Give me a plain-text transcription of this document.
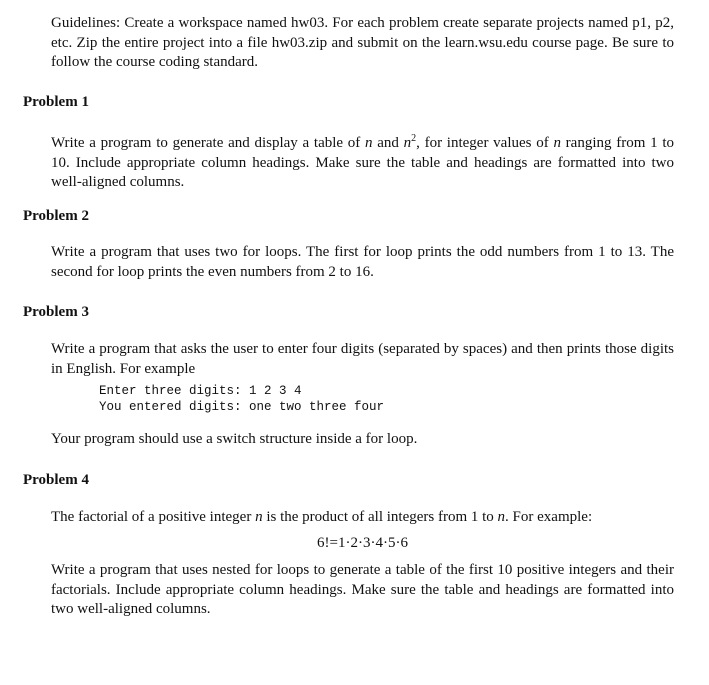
Guidelines: Create a workspace named hw03. For each problem create separate projects named p1, p2, etc. Zip the entire project into a file hw03.zip and submit on the learn.wsu.edu course page. Be sure to follow the course coding standard.
Problem 1
Write a program to generate and display a table of n and $n^2$, for integer values of n ranging from 1 to 10. Include appropriate column headings. Make sure the table and headings are formatted into two well-aligned columns.
Problem 2
Write a program that uses two for loops. The first for loop prints the odd numbers from 1 to 13. The second for loop prints the even numbers from 2 to 16.
Problem 3
Write a program that asks the user to enter four digits (separated by spaces) and then prints those digits in English. For example
Enter three digits: 1 2 3 4
You entered digits: one two three four
Your program should use a switch structure inside a for loop.
Problem 4
The factorial of a positive integer n is the product of all integers from 1 to n. For example:
6!=1·2·3·4·5·6
Write a program that uses nested for loops to generate a table of the first 10 positive integers and their factorials. Include appropriate column headings. Make sure the table and headings are formatted into two well-aligned columns.
